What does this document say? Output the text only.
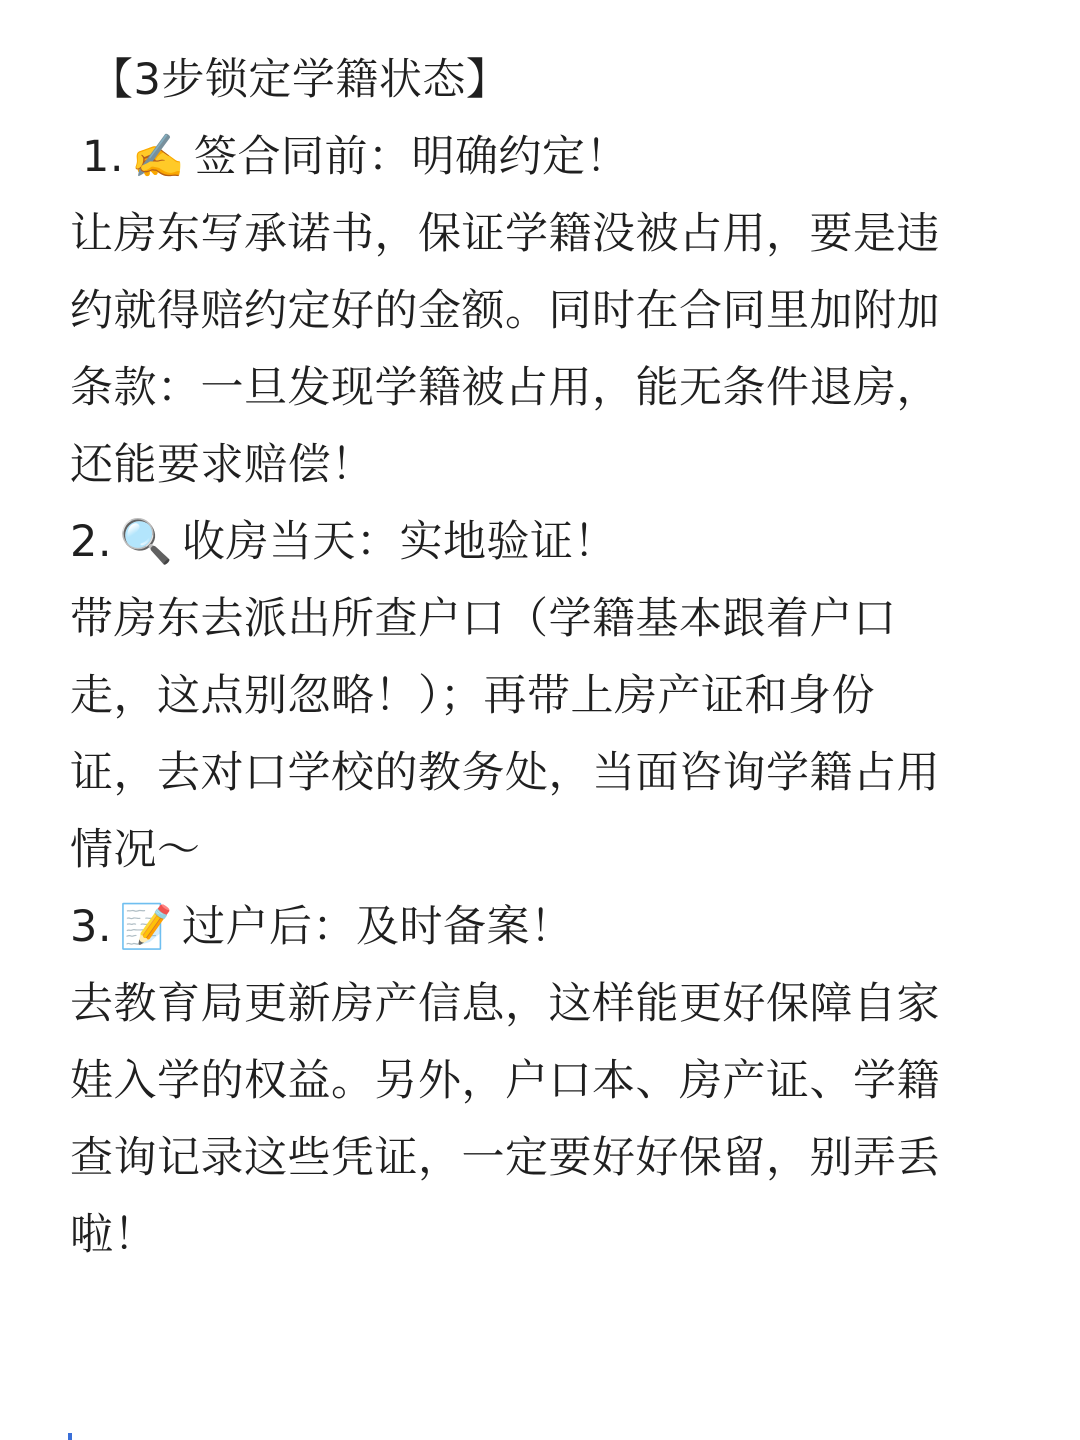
【3步锁定学籍状态】
1. ✍️ 签合同前：明确约定！
让房东写承诺书，保证学籍没被占用，要是违
约就得赔约定好的金额。同时在合同里加附加
条款：一旦发现学籍被占用，能无条件退房，
还能要求赔偿！
2. 🔍 收房当天：实地验证！
带房东去派出所查户口（学籍基本跟着户口
走，这点别忽略！）；再带上房产证和身份
证，去对口学校的教务处，当面咨询学籍占用
情况～
3. 📝 过户后：及时备案！
去教育局更新房产信息，这样能更好保障自家
娃入学的权益。另外，户口本、房产证、学籍
查询记录这些凭证，一定要好好保留，别弄丢
啦！
